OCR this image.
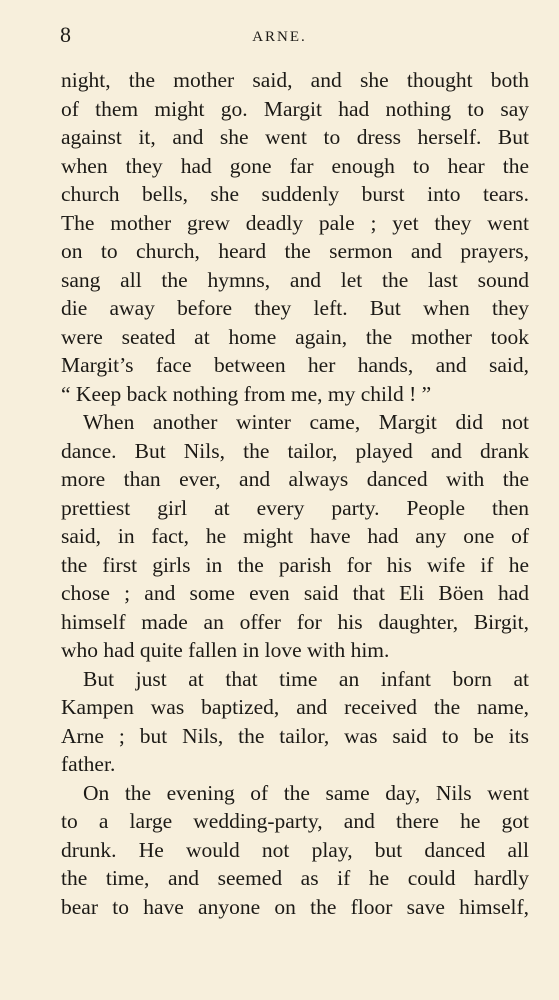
8	ARNE.
night, the mother said, and she thought both
of them might go. Margit had nothing to say
against it, and she went to dress herself. But
when they had gone far enough to hear the
church bells, she suddenly burst into tears.
The mother grew deadly pale ; yet they went
on to church, heard the sermon and prayers,
sang all the hymns, and let the last sound
die away before they left. But when they
were seated at home again, the mother took
Margit’s face between her hands, and said,
“ Keep back nothing from me, my child ! ”
When another winter came, Margit did not
dance. But Nils, the tailor, played and drank
more than ever, and always danced with the
prettiest girl at every party. People then
said, in fact, he might have had any one of
the first girls in the parish for his wife if he
chose ; and some even said that Eli Böen had
himself made an offer for his daughter, Birgit,
who had quite fallen in love with him.
But just at that time an infant born at
Kampen was baptized, and received the name,
Arne ; but Nils, the tailor, was said to be its
father.
On the evening of the same day, Nils went
to a large wedding-party, and there he got
drunk. He would not play, but danced all
the time, and seemed as if he could hardly
bear to have anyone on the floor save himself,
